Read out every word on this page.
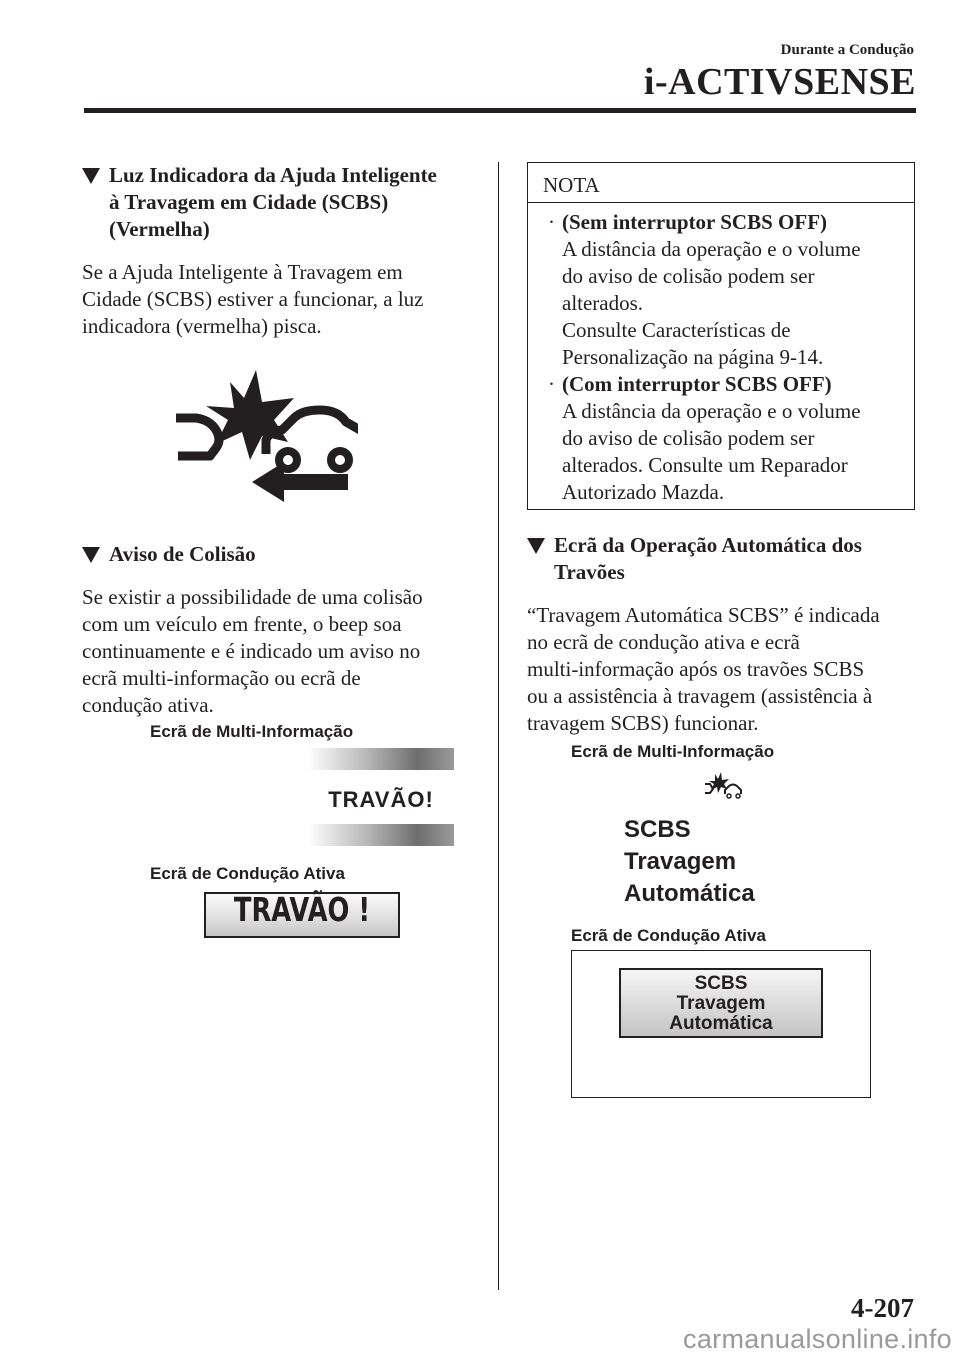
Durante a Condução
i-ACTIVSENSE
Luz Indicadora da Ajuda Inteligente
à Travagem em Cidade (SCBS)
(Vermelha)

Se a Ajuda Inteligente à Travagem em
Cidade (SCBS) estiver a funcionar, a luz
indicadora (vermelha) pisca.

Aviso de Colisão

Se existir a possibilidade de uma colisão
com um veículo em frente, o beep soa
continuamente e é indicado um aviso no
ecrã multi-informação ou ecrã de
condução ativa.

Ecrã de Multi-Informação
TRAVÃO!
Ecrã de Condução Ativa
TRAVÃO !
NOTA
· (Sem interruptor SCBS OFF)
A distância da operação e o volume
do aviso de colisão podem ser
alterados.
Consulte Características de
Personalização na página 9-14.
· (Com interruptor SCBS OFF)
A distância da operação e o volume
do aviso de colisão podem ser
alterados. Consulte um Reparador
Autorizado Mazda.
Ecrã da Operação Automática dos
Travões

“Travagem Automática SCBS” é indicada
no ecrã de condução ativa e ecrã
multi-informação após os travões SCBS
ou a assistência à travagem (assistência à
travagem SCBS) funcionar.

Ecrã de Multi-Informação
SCBS
Travagem
Automática
Ecrã de Condução Ativa
SCBS
Travagem
Automática
4-207
carmanualsonline.info
